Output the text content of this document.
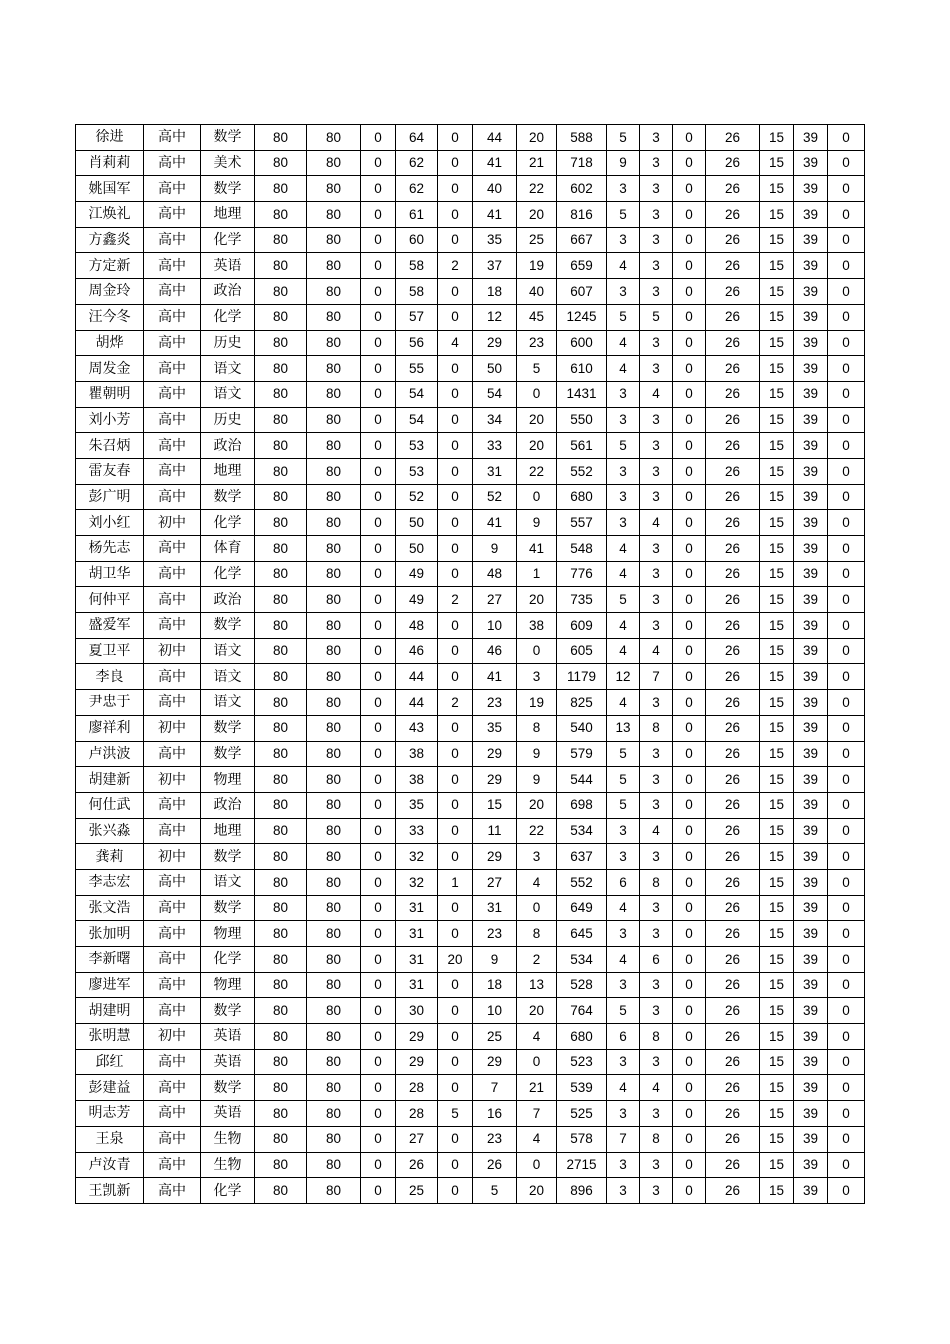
徐进	高中	数学	80	80	0	64	0	44	20	588	5	3	0	26	15	39	0
肖莉莉	高中	美术	80	80	0	62	0	41	21	718	9	3	0	26	15	39	0
姚国军	高中	数学	80	80	0	62	0	40	22	602	3	3	0	26	15	39	0
江焕礼	高中	地理	80	80	0	61	0	41	20	816	5	3	0	26	15	39	0
方鑫炎	高中	化学	80	80	0	60	0	35	25	667	3	3	0	26	15	39	0
方定新	高中	英语	80	80	0	58	2	37	19	659	4	3	0	26	15	39	0
周金玲	高中	政治	80	80	0	58	0	18	40	607	3	3	0	26	15	39	0
汪今冬	高中	化学	80	80	0	57	0	12	45	1245	5	5	0	26	15	39	0
胡烨	高中	历史	80	80	0	56	4	29	23	600	4	3	0	26	15	39	0
周发金	高中	语文	80	80	0	55	0	50	5	610	4	3	0	26	15	39	0
瞿朝明	高中	语文	80	80	0	54	0	54	0	1431	3	4	0	26	15	39	0
刘小芳	高中	历史	80	80	0	54	0	34	20	550	3	3	0	26	15	39	0
朱召炳	高中	政治	80	80	0	53	0	33	20	561	5	3	0	26	15	39	0
雷友春	高中	地理	80	80	0	53	0	31	22	552	3	3	0	26	15	39	0
彭广明	高中	数学	80	80	0	52	0	52	0	680	3	3	0	26	15	39	0
刘小红	初中	化学	80	80	0	50	0	41	9	557	3	4	0	26	15	39	0
杨先志	高中	体育	80	80	0	50	0	9	41	548	4	3	0	26	15	39	0
胡卫华	高中	化学	80	80	0	49	0	48	1	776	4	3	0	26	15	39	0
何仲平	高中	政治	80	80	0	49	2	27	20	735	5	3	0	26	15	39	0
盛爱军	高中	数学	80	80	0	48	0	10	38	609	4	3	0	26	15	39	0
夏卫平	初中	语文	80	80	0	46	0	46	0	605	4	4	0	26	15	39	0
李良	高中	语文	80	80	0	44	0	41	3	1179	12	7	0	26	15	39	0
尹忠于	高中	语文	80	80	0	44	2	23	19	825	4	3	0	26	15	39	0
廖祥利	初中	数学	80	80	0	43	0	35	8	540	13	8	0	26	15	39	0
卢洪波	高中	数学	80	80	0	38	0	29	9	579	5	3	0	26	15	39	0
胡建新	初中	物理	80	80	0	38	0	29	9	544	5	3	0	26	15	39	0
何仕武	高中	政治	80	80	0	35	0	15	20	698	5	3	0	26	15	39	0
张兴淼	高中	地理	80	80	0	33	0	11	22	534	3	4	0	26	15	39	0
龚莉	初中	数学	80	80	0	32	0	29	3	637	3	3	0	26	15	39	0
李志宏	高中	语文	80	80	0	32	1	27	4	552	6	8	0	26	15	39	0
张文浩	高中	数学	80	80	0	31	0	31	0	649	4	3	0	26	15	39	0
张加明	高中	物理	80	80	0	31	0	23	8	645	3	3	0	26	15	39	0
李新曙	高中	化学	80	80	0	31	20	9	2	534	4	6	0	26	15	39	0
廖进军	高中	物理	80	80	0	31	0	18	13	528	3	3	0	26	15	39	0
胡建明	高中	数学	80	80	0	30	0	10	20	764	5	3	0	26	15	39	0
张明慧	初中	英语	80	80	0	29	0	25	4	680	6	8	0	26	15	39	0
邱红	高中	英语	80	80	0	29	0	29	0	523	3	3	0	26	15	39	0
彭建益	高中	数学	80	80	0	28	0	7	21	539	4	4	0	26	15	39	0
明志芳	高中	英语	80	80	0	28	5	16	7	525	3	3	0	26	15	39	0
王泉	高中	生物	80	80	0	27	0	23	4	578	7	8	0	26	15	39	0
卢汝青	高中	生物	80	80	0	26	0	26	0	2715	3	3	0	26	15	39	0
王凯新	高中	化学	80	80	0	25	0	5	20	896	3	3	0	26	15	39	0
